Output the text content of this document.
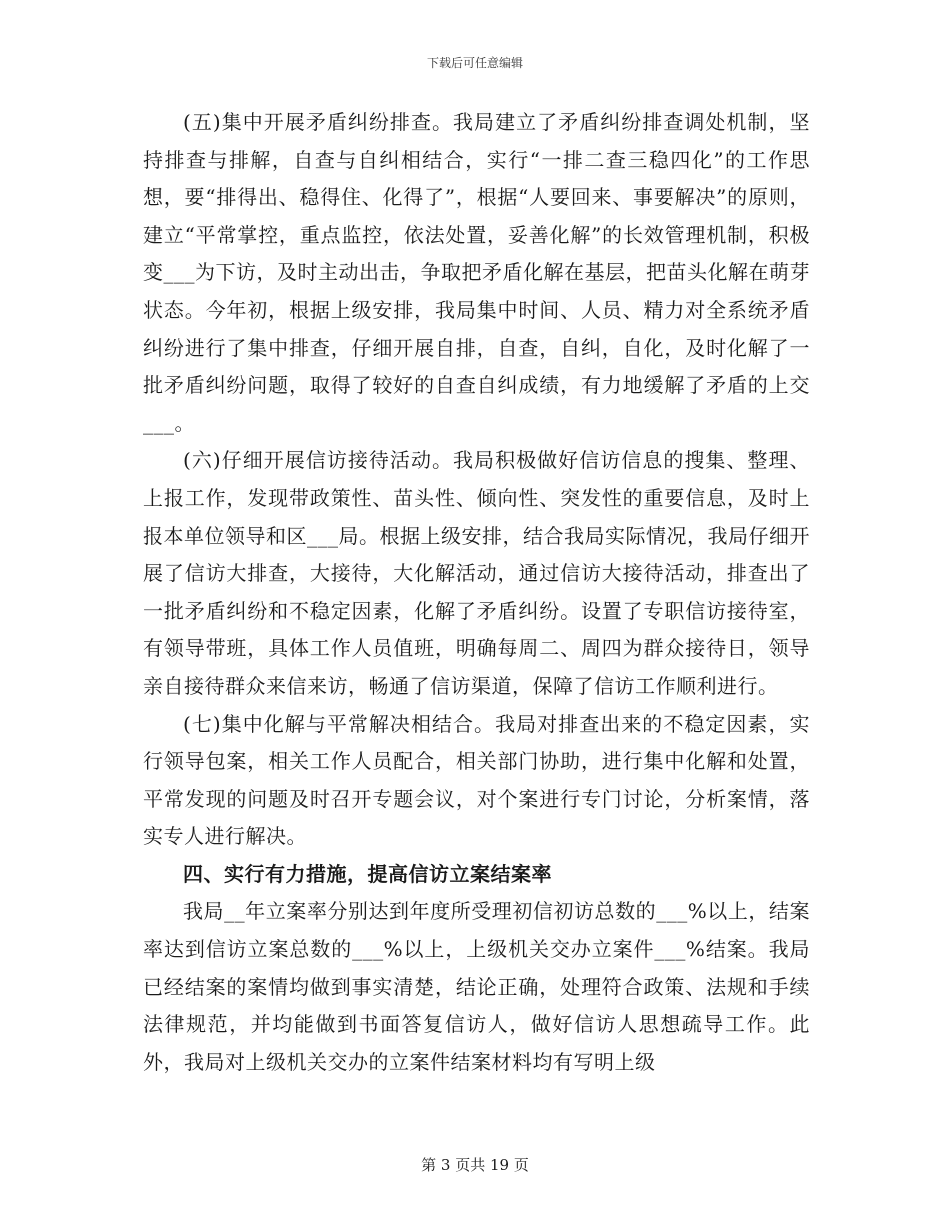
下载后可任意编辑

(五)集中开展矛盾纠纷排查。我局建立了矛盾纠纷排查调处机制，坚持排查与排解，自查与自纠相结合，实行“一排二查三稳四化”的工作思想，要“排得出、稳得住、化得了”，根据“人要回来、事要解决”的原则，建立“平常掌控，重点监控，依法处置，妥善化解”的长效管理机制，积极变___为下访，及时主动出击，争取把矛盾化解在基层，把苗头化解在萌芽状态。今年初，根据上级安排，我局集中时间、人员、精力对全系统矛盾纠纷进行了集中排查，仔细开展自排，自查，自纠，自化，及时化解了一批矛盾纠纷问题，取得了较好的自查自纠成绩，有力地缓解了矛盾的上交___。

(六)仔细开展信访接待活动。我局积极做好信访信息的搜集、整理、上报工作，发现带政策性、苗头性、倾向性、突发性的重要信息，及时上报本单位领导和区___局。根据上级安排，结合我局实际情况，我局仔细开展了信访大排查，大接待，大化解活动，通过信访大接待活动，排查出了一批矛盾纠纷和不稳定因素，化解了矛盾纠纷。设置了专职信访接待室，有领导带班，具体工作人员值班，明确每周二、周四为群众接待日，领导亲自接待群众来信来访，畅通了信访渠道，保障了信访工作顺利进行。

(七)集中化解与平常解决相结合。我局对排查出来的不稳定因素，实行领导包案，相关工作人员配合，相关部门协助，进行集中化解和处置，平常发现的问题及时召开专题会议，对个案进行专门讨论，分析案情，落实专人进行解决。

四、实行有力措施，提高信访立案结案率

我局__年立案率分别达到年度所受理初信初访总数的___%以上，结案率达到信访立案总数的___%以上，上级机关交办立案件___%结案。我局已经结案的案情均做到事实清楚，结论正确，处理符合政策、法规和手续法律规范，并均能做到书面答复信访人，做好信访人思想疏导工作。此外，我局对上级机关交办的立案件结案材料均有写明上级

第 3 页共 19 页
